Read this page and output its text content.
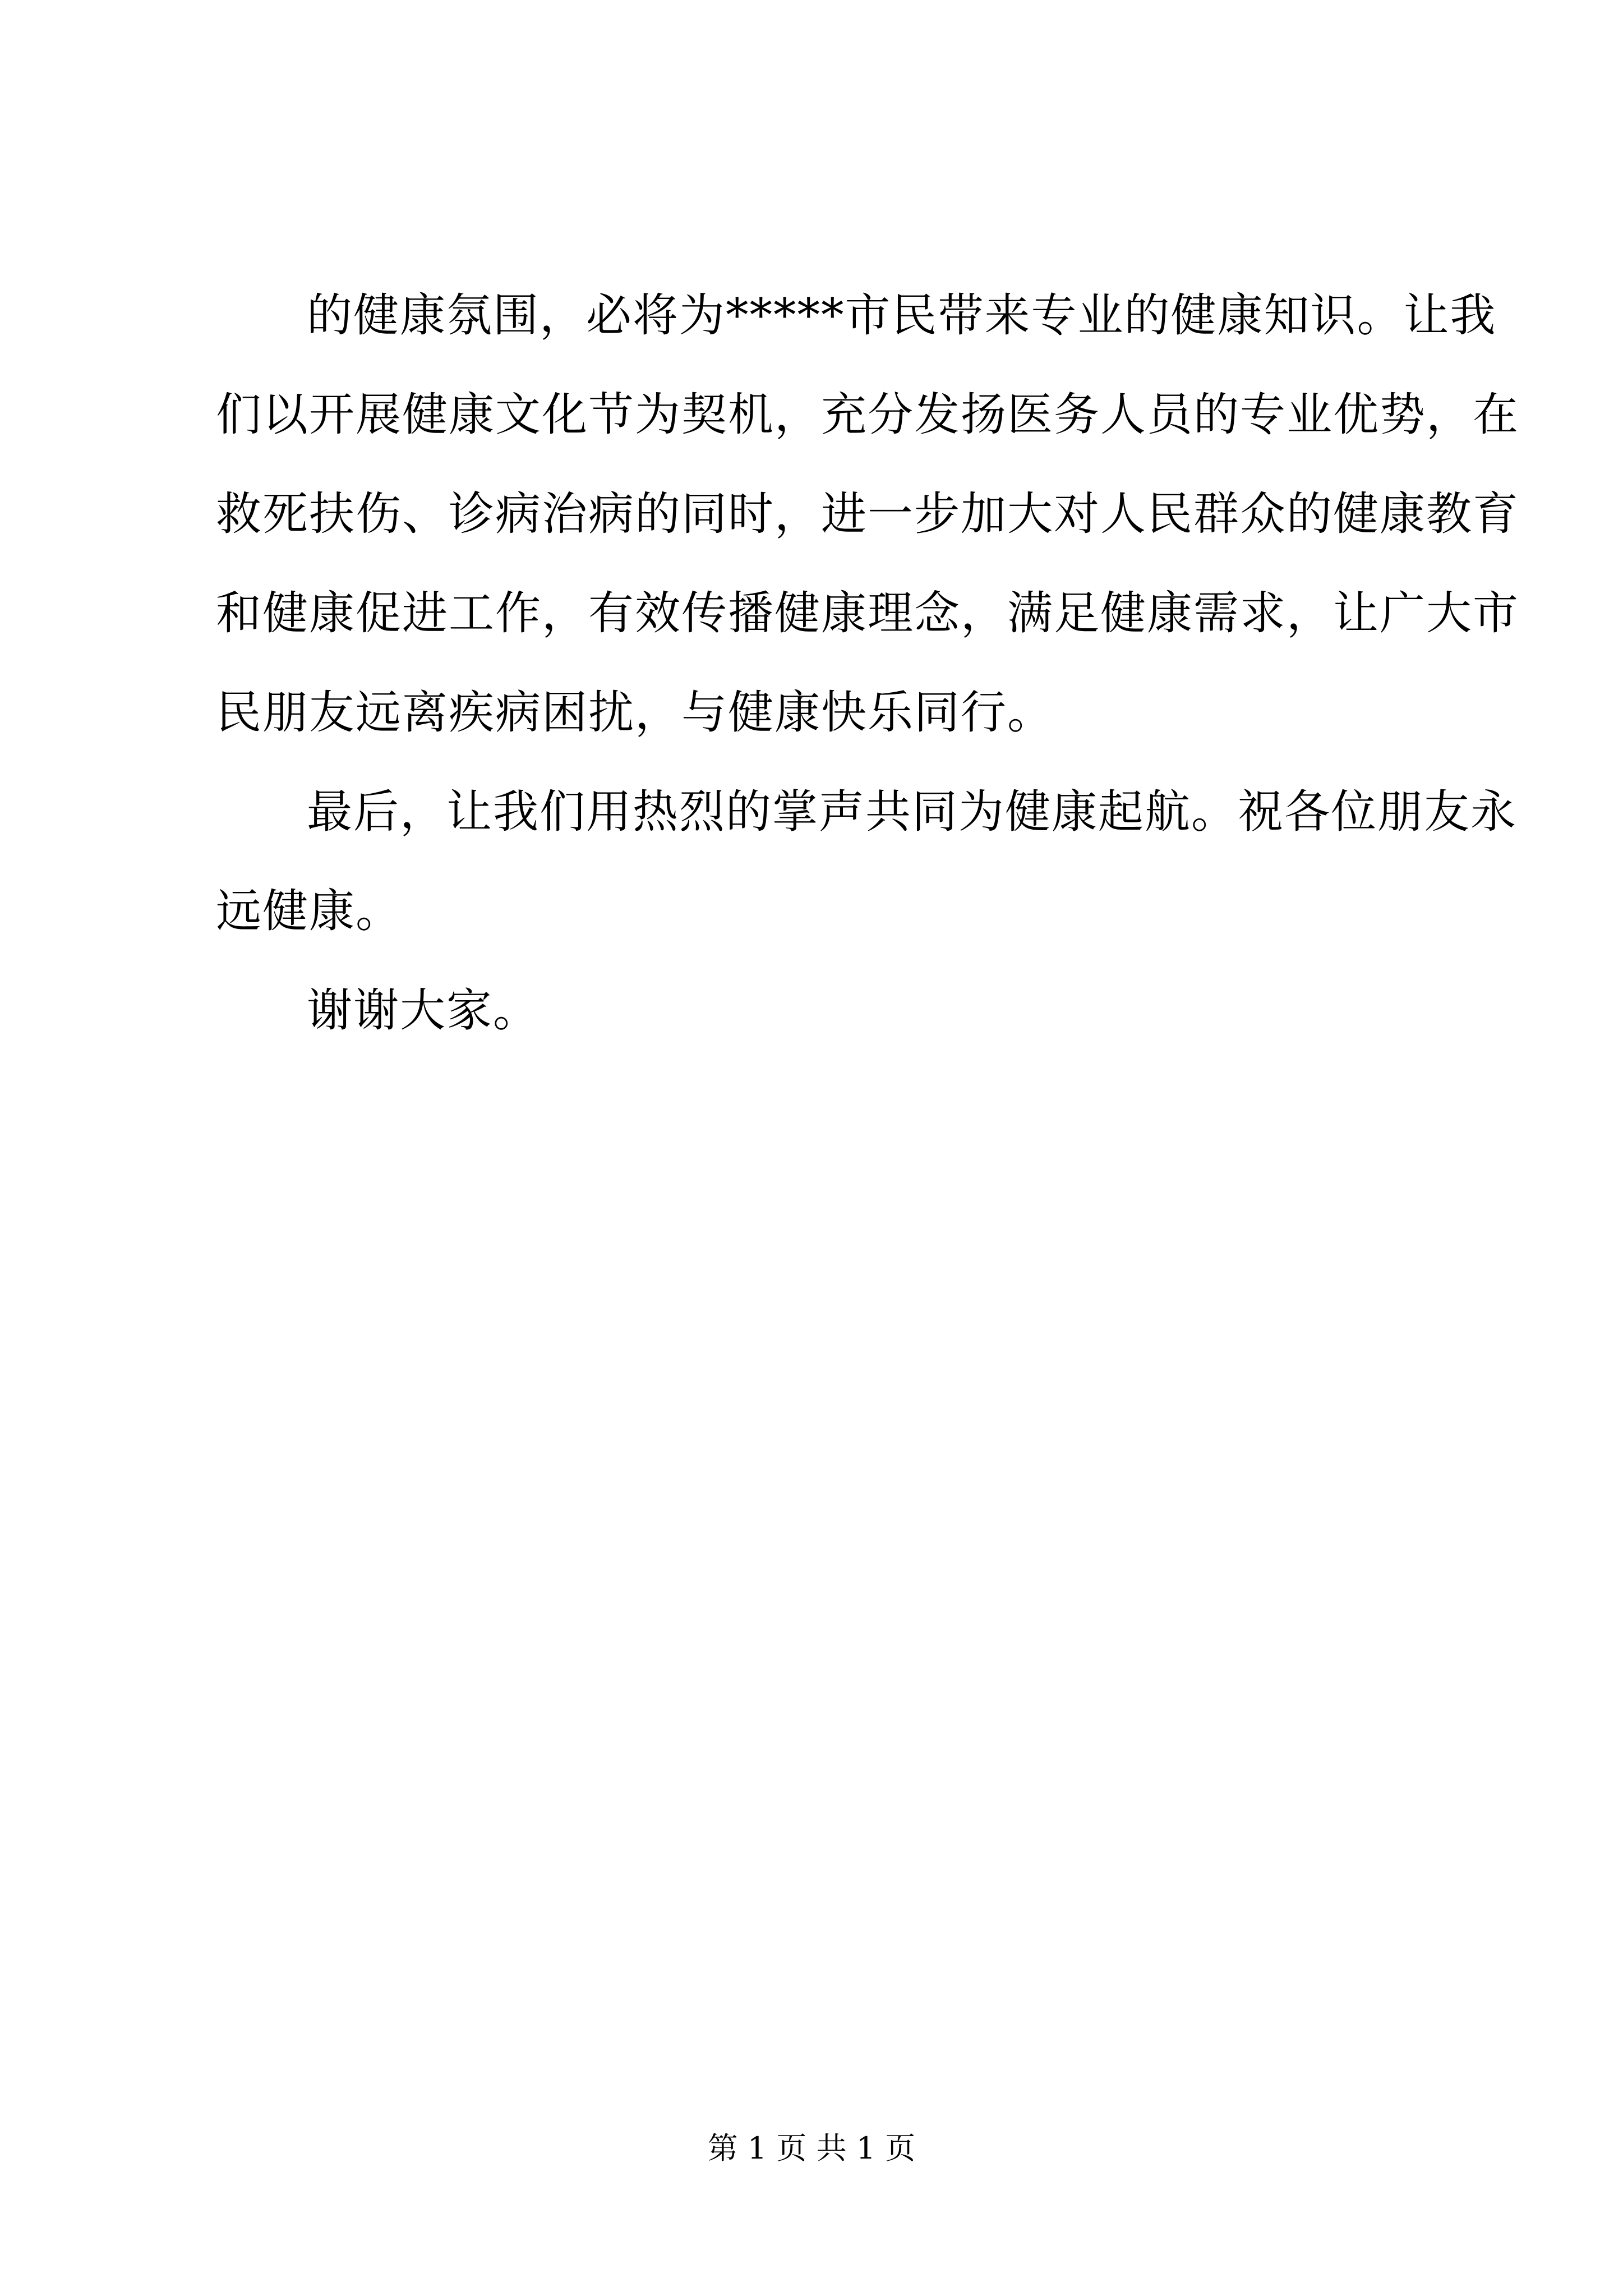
的健康氛围，必将为*****市民带来专业的健康知识。让我
们以开展健康文化节为契机，充分发扬医务人员的专业优势，在
救死扶伤、诊病治病的同时，进一步加大对人民群众的健康教育
和健康促进工作，有效传播健康理念，满足健康需求，让广大市
民朋友远离疾病困扰，与健康快乐同行。
最后，让我们用热烈的掌声共同为健康起航。祝各位朋友永
远健康。
谢谢大家。
第 1 页 共 1 页
